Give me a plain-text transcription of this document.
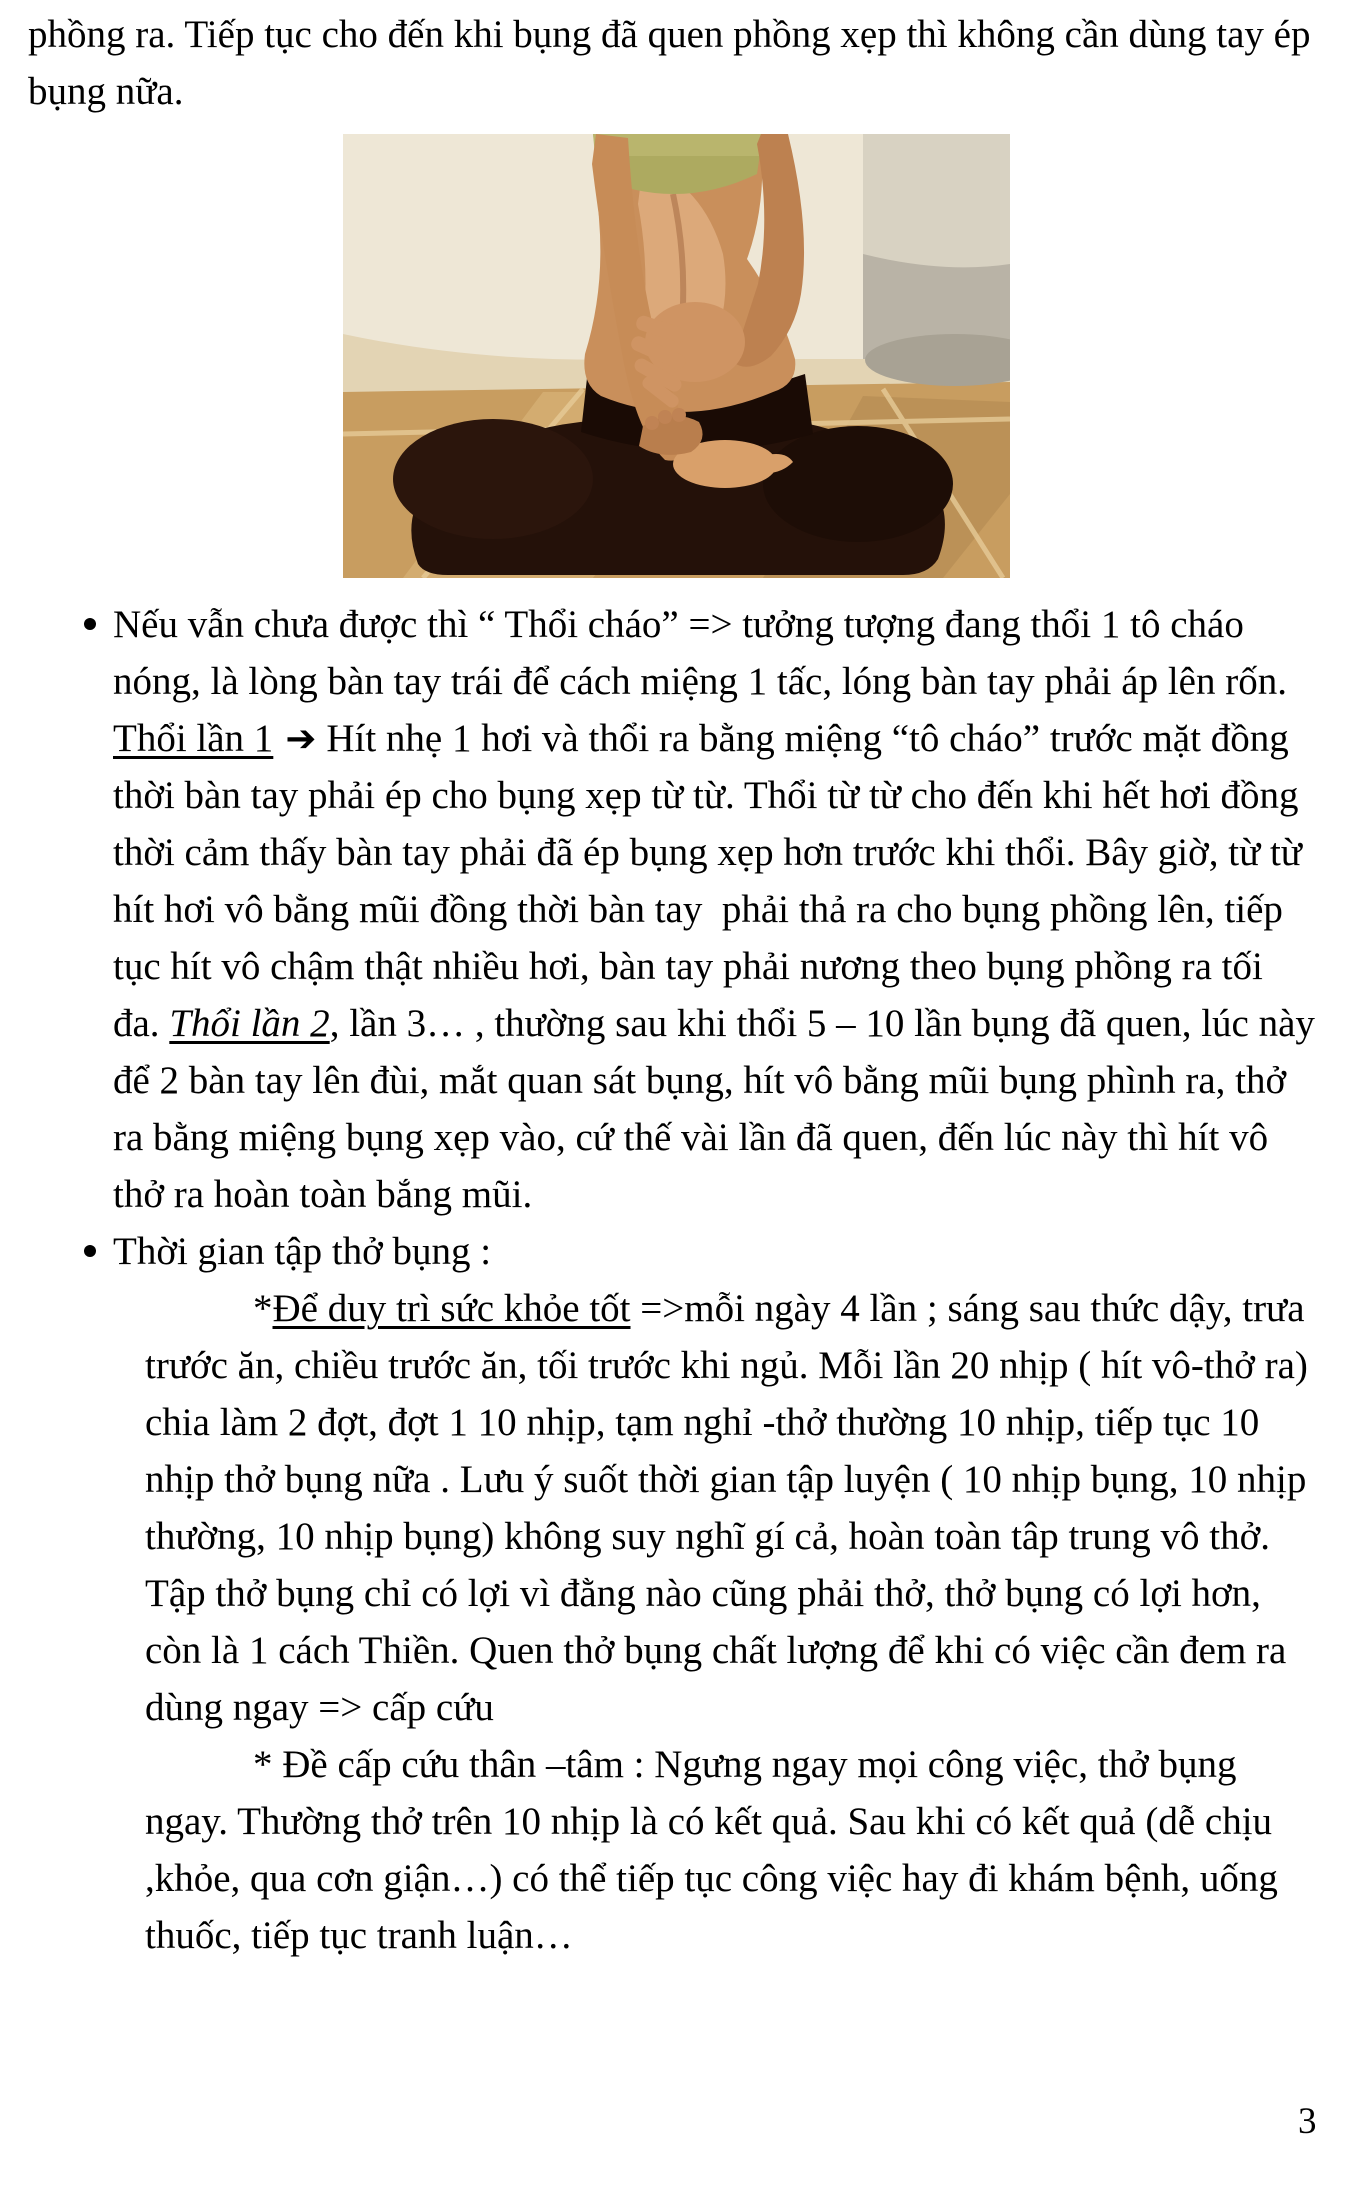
phồng ra. Tiếp tục cho đến khi bụng đã quen phồng xẹp thì không cần dùng tay ép bụng nữa.

Nếu vẫn chưa được thì “ Thổi cháo” => tưởng tượng đang thổi 1 tô cháo nóng, là lòng bàn tay trái để cách miệng 1 tấc, lóng bàn tay phải áp lên rốn. Thổi lần 1 ➔ Hít nhẹ 1 hơi và thổi ra bằng miệng “tô cháo” trước mặt đồng thời bàn tay phải ép cho bụng xẹp từ từ. Thổi từ từ cho đến khi hết hơi đồng thời cảm thấy bàn tay phải đã ép bụng xẹp hơn trước khi thổi. Bây giờ, từ từ hít hơi vô bằng mũi đồng thời bàn tay  phải thả ra cho bụng phồng lên, tiếp tục hít vô chậm thật nhiều hơi, bàn tay phải nương theo bụng phồng ra tối đa. Thổi lần 2, lần 3… , thường sau khi thổi 5 – 10 lần bụng đã quen, lúc này để 2 bàn tay lên đùi, mắt quan sát bụng, hít vô bằng mũi bụng phình ra, thở ra bằng miệng bụng xẹp vào, cứ thế vài lần đã quen, đến lúc này thì hít vô thở ra hoàn toàn bắng mũi.
Thời gian tập thở bụng :

*Để duy trì sức khỏe tốt =>mỗi ngày 4 lần ; sáng sau thức dậy, trưa trước ăn, chiều trước ăn, tối trước khi ngủ. Mỗi lần 20 nhịp ( hít vô-thở ra) chia làm 2 đợt, đợt 1 10 nhịp, tạm nghỉ -thở thường 10 nhịp, tiếp tục 10 nhịp thở bụng nữa . Lưu ý suốt thời gian tập luyện ( 10 nhịp bụng, 10 nhịp thường, 10 nhịp bụng) không suy nghĩ gí cả, hoàn toàn tâp trung vô thở. Tập thở bụng chỉ có lợi vì đằng nào cũng phải thở, thở bụng có lợi hơn, còn là 1 cách Thiền. Quen thở bụng chất lượng để khi có việc cần đem ra dùng ngay => cấp cứu

* Đề cấp cứu thân –tâm : Ngưng ngay mọi công việc, thở bụng ngay. Thường thở trên 10 nhịp là có kết quả. Sau khi có kết quả (dễ chịu ,khỏe, qua cơn giận…) có thể tiếp tục công việc hay đi khám bệnh, uống thuốc, tiếp tục tranh luận…

3
